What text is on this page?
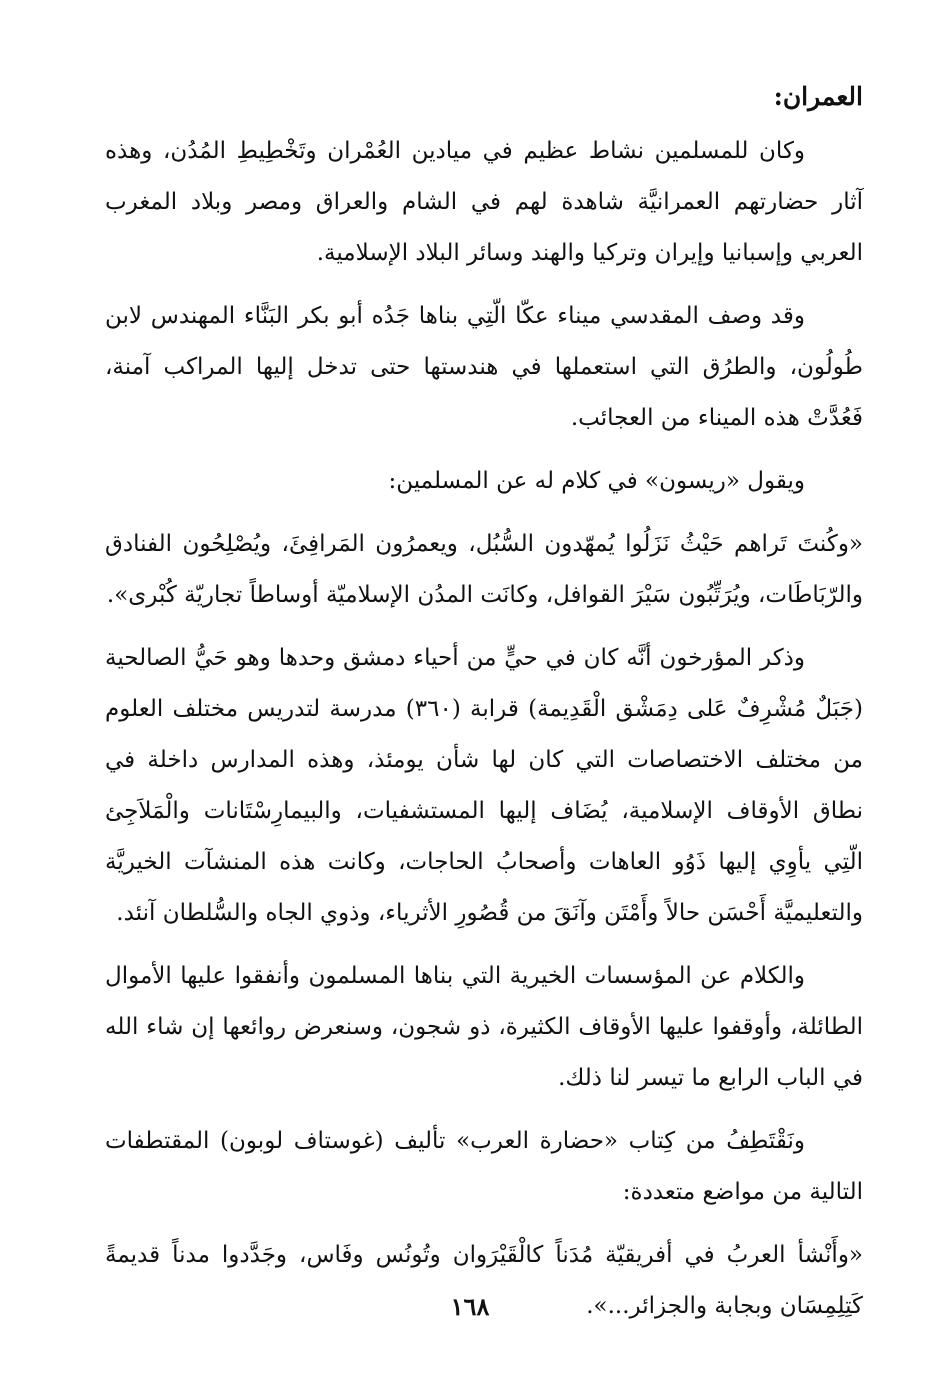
العمران:

وكان للمسلمين نشاط عظيم في ميادين العُمْران وتَخْطِيطِ المُدُن، وهذه آثار حضارتهم العمرانيَّة شاهدة لهم في الشام والعراق ومصر وبلاد المغرب العربي وإسبانيا وإيران وتركيا والهند وسائر البلاد الإسلامية.

وقد وصف المقدسي ميناء عكّا الّتِي بناها جَدُه أبو بكر البَنَّاء المهندس لابن طُولُون، والطرُق التي استعملها في هندستها حتى تدخل إليها المراكب آمنة، فَعُدَّتْ هذه الميناء من العجائب.

ويقول «ريسون» في كلام له عن المسلمين:

«وكُنتَ تَراهم حَيْثُ نَزَلُوا يُمهّدون السُّبُل، ويعمرُون المَرافِئَ، ويُصْلِحُون الفنادق والرّبَاطَات، ويُرَتِّبُون سَيْرَ القوافل، وكانَت المدُن الإسلاميّة أوساطاً تجاريّة كُبْرى».

وذكر المؤرخون أنَّه كان في حيٍّ من أحياء دمشق وحدها وهو حَيُّ الصالحية (جَبَلٌ مُشْرِفٌ عَلى دِمَشْق الْقَدِيمة) قرابة (٣٦٠) مدرسة لتدريس مختلف العلوم من مختلف الاختصاصات التي كان لها شأن يومئذ، وهذه المدارس داخلة في نطاق الأوقاف الإسلامية، يُضَاف إليها المستشفيات، والبيمارِسْتَانات والْمَلاَجِئ الّتِي يأوِي إليها ذَوُو العاهات وأصحابُ الحاجات، وكانت هذه المنشآت الخيريَّة والتعليميَّة أَحْسَن حالاً وأَمْتَن وآنَقَ من قُصُورِ الأثرياء، وذوي الجاه والسُّلطان آنئد.

والكلام عن المؤسسات الخيرية التي بناها المسلمون وأنفقوا عليها الأموال الطائلة، وأوقفوا عليها الأوقاف الكثيرة، ذو شجون، وسنعرض روائعها إن شاء الله في الباب الرابع ما تيسر لنا ذلك.

ونَقْتَطِفُ من كِتاب «حضارة العرب» تأليف (غوستاف لوبون) المقتطفات التالية من مواضع متعددة:

«وأَنْشأ العربُ في أفريقيّة مُدَناً كالْقَيْرَوان وتُونُس وفَاس، وجَدَّدوا مدناً قديمةً كَتِلِمِسَان وبجابة والجزائر...».

١٦٨
